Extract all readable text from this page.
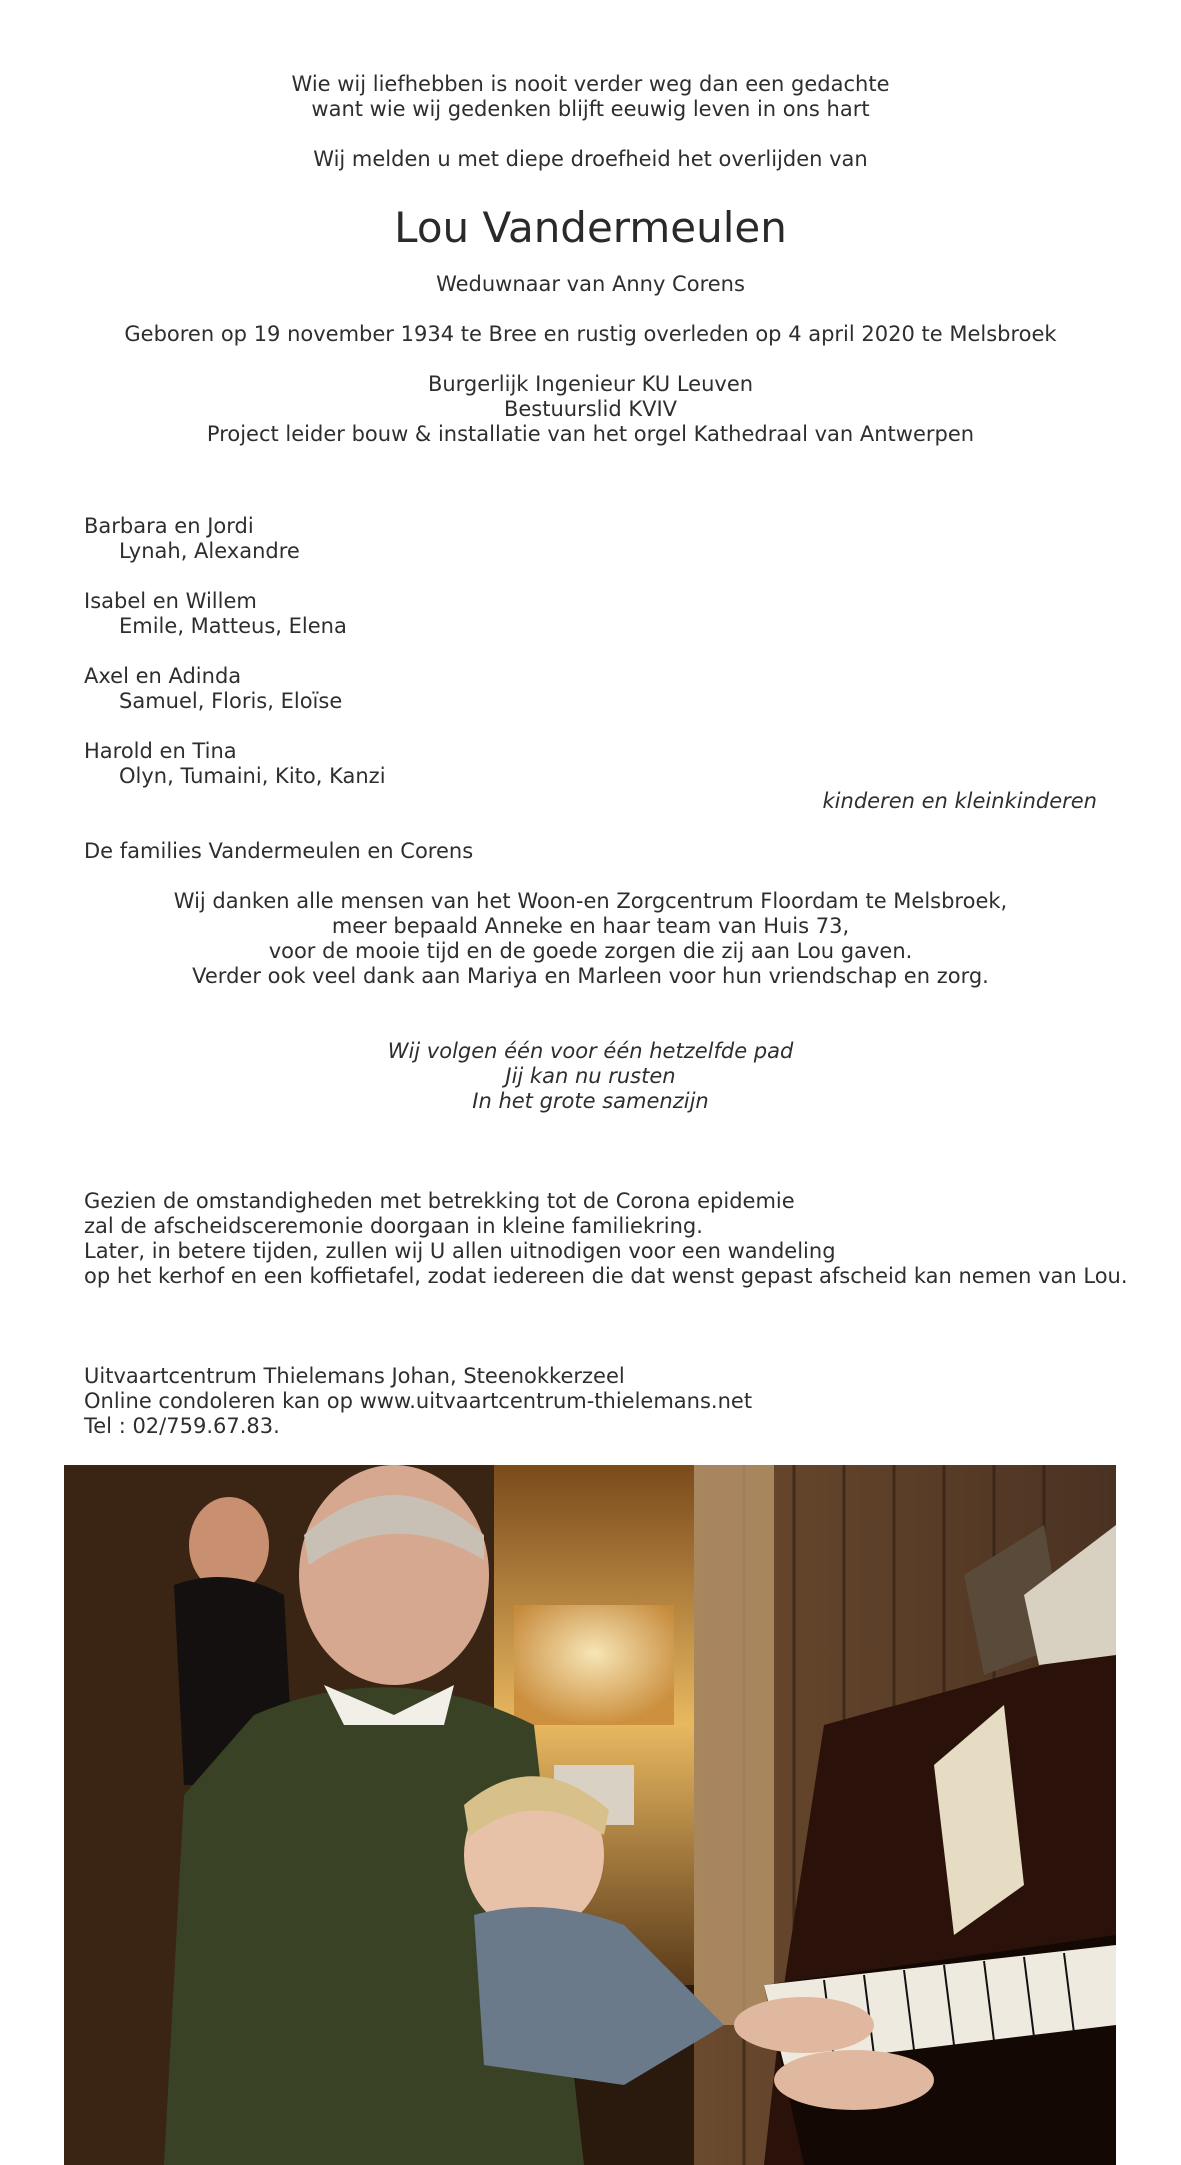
Wie wij liefhebben is nooit verder weg dan een gedachte
want wie wij gedenken blijft eeuwig leven in ons hart
Wij melden u met diepe droefheid het overlijden van
Lou Vandermeulen
Weduwnaar van Anny Corens
Geboren op 19 november 1934 te Bree en rustig overleden op 4 april 2020 te Melsbroek
Burgerlijk Ingenieur KU Leuven
Bestuurslid KVIV
Project leider bouw & installatie van het orgel Kathedraal van Antwerpen
Barbara en Jordi
Lynah, Alexandre
Isabel en Willem
Emile, Matteus, Elena
Axel en Adinda
Samuel, Floris, Eloïse
Harold en Tina
Olyn, Tumaini, Kito, Kanzi
kinderen en kleinkinderen
De families Vandermeulen en Corens
Wij danken alle mensen van het Woon-en Zorgcentrum Floordam te Melsbroek,
meer bepaald Anneke en haar team van Huis 73,
voor de mooie tijd en de goede zorgen die zij aan Lou gaven.
Verder ook veel dank aan Mariya en Marleen voor hun vriendschap en zorg.
Wij volgen één voor één hetzelfde pad
Jij kan nu rusten
In het grote samenzijn
Gezien de omstandigheden met betrekking tot de Corona epidemie
zal de afscheidsceremonie doorgaan in kleine familiekring.
Later, in betere tijden, zullen wij U allen uitnodigen voor een wandeling
op het kerhof en een koffietafel, zodat iedereen die dat wenst gepast afscheid kan nemen van Lou.
Uitvaartcentrum Thielemans Johan, Steenokkerzeel
Online condoleren kan op www.uitvaartcentrum-thielemans.net
Tel : 02/759.67.83.
